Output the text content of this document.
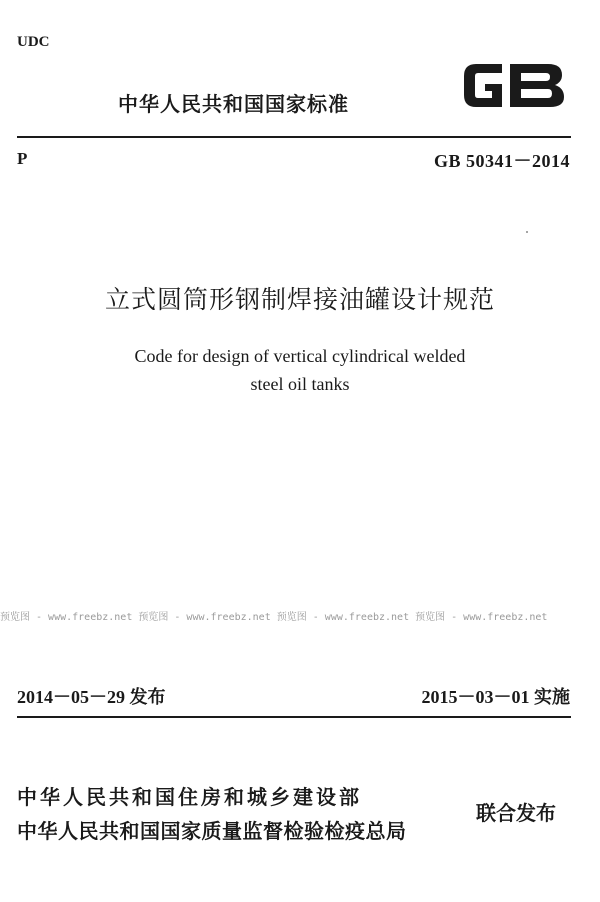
UDC
中华人民共和国国家标准
P	GB 50341－2014
立式圆筒形钢制焊接油罐设计规范
Code for design of vertical cylindrical welded
steel oil tanks
预览图 - www.freebz.net 预览图 - www.freebz.net 预览图 - www.freebz.net 预览图 - www.freebz.net
2014－05－29 发布	2015－03－01 实施
中华人民共和国住房和城乡建设部
中华人民共和国国家质量监督检验检疫总局
联合发布
